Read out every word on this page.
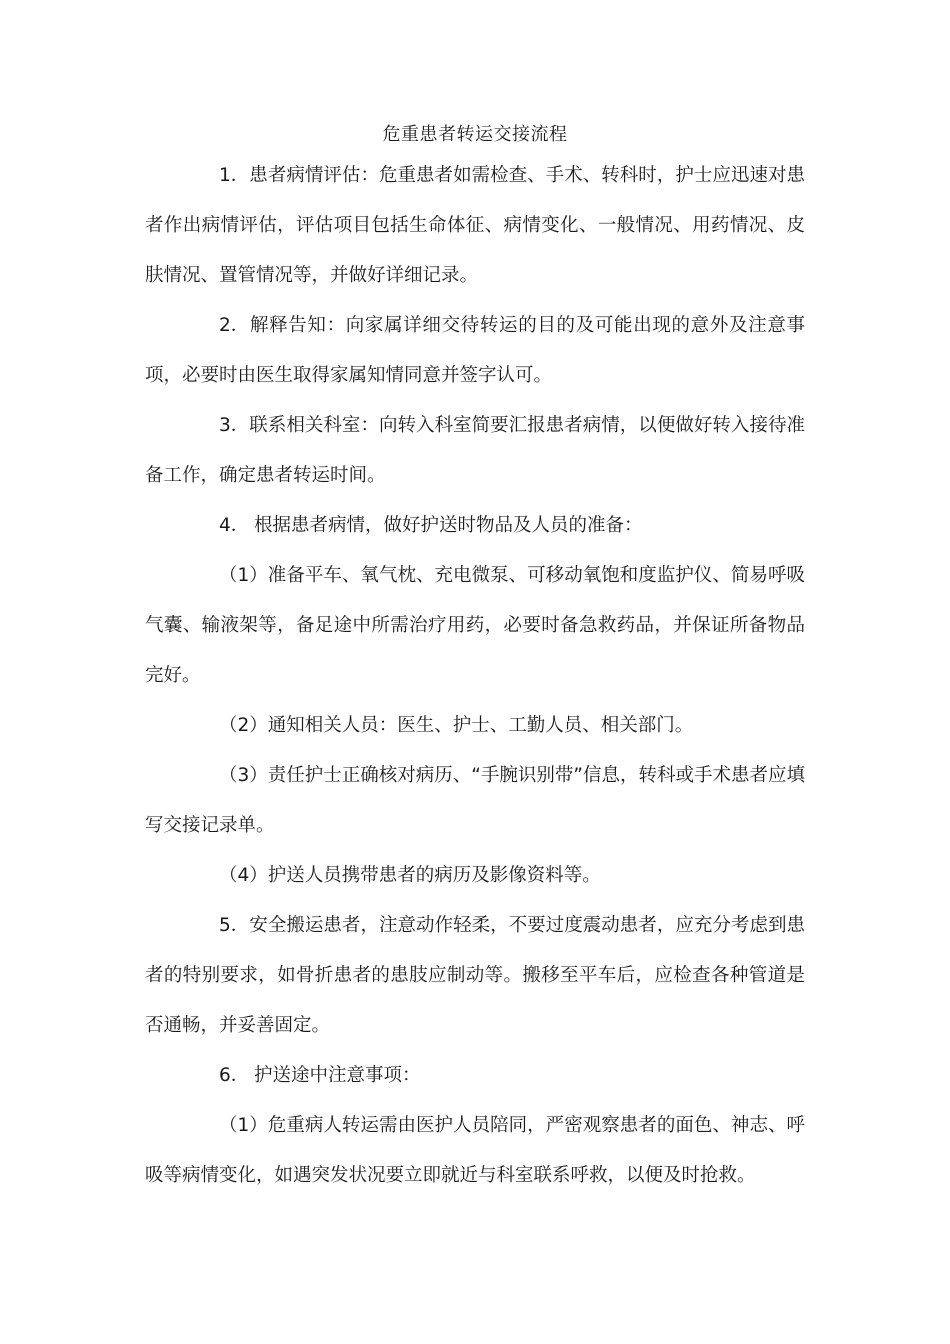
危重患者转运交接流程

1．患者病情评估：危重患者如需检查、手术、转科时，护士应迅速对患者作出病情评估，评估项目包括生命体征、病情变化、一般情况、用药情况、皮肤情况、置管情况等，并做好详细记录。

2．解释告知：向家属详细交待转运的目的及可能出现的意外及注意事项，必要时由医生取得家属知情同意并签字认可。

3．联系相关科室：向转入科室简要汇报患者病情，以便做好转入接待准备工作，确定患者转运时间。

4． 根据患者病情，做好护送时物品及人员的准备：

（1）准备平车、氧气枕、充电微泵、可移动氧饱和度监护仪、简易呼吸气囊、输液架等，备足途中所需治疗用药，必要时备急救药品，并保证所备物品完好。

（2）通知相关人员：医生、护士、工勤人员、相关部门。

（3）责任护士正确核对病历、“手腕识别带”信息，转科或手术患者应填写交接记录单。

（4）护送人员携带患者的病历及影像资料等。

5．安全搬运患者，注意动作轻柔，不要过度震动患者，应充分考虑到患者的特别要求，如骨折患者的患肢应制动等。搬移至平车后，应检查各种管道是否通畅，并妥善固定。

6． 护送途中注意事项：

（1）危重病人转运需由医护人员陪同，严密观察患者的面色、神志、呼吸等病情变化，如遇突发状况要立即就近与科室联系呼救，以便及时抢救。
